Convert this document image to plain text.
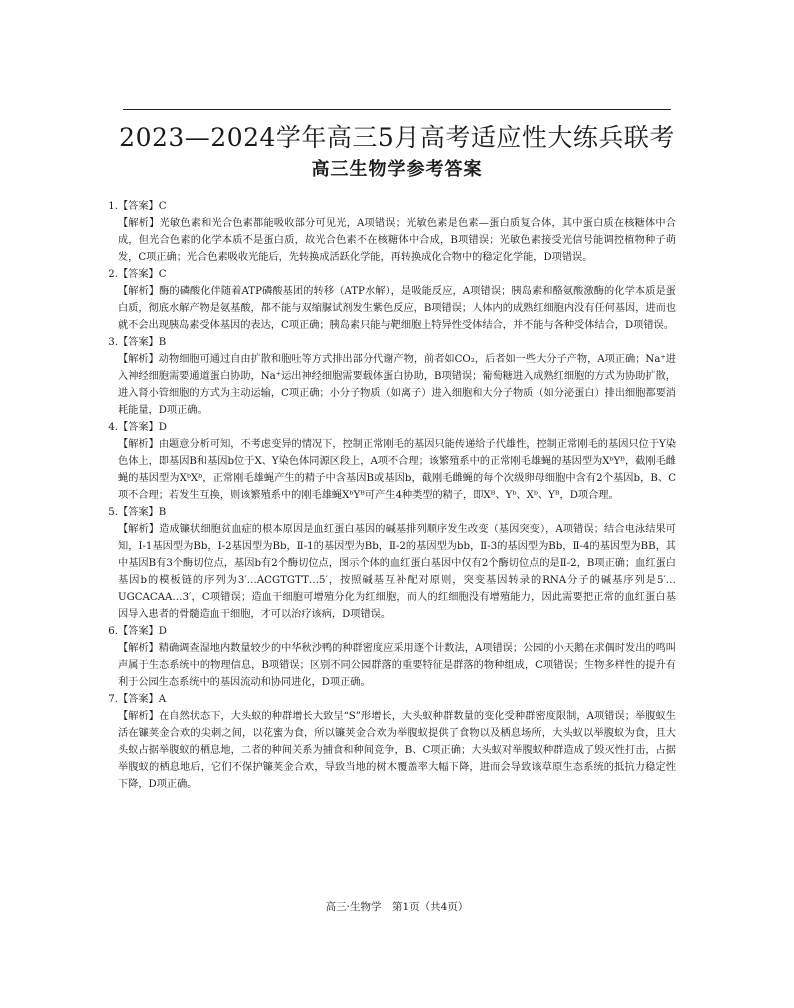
2023—2024学年高三5月高考适应性大练兵联考
高三生物学参考答案
1. 【答案】C
【解析】光敏色素和光合色素都能吸收部分可见光，A项错误；光敏色素是色素—蛋白质复合体，其中蛋白质在核糖体中合成，但光合色素的化学本质不是蛋白质，故光合色素不在核糖体中合成，B项错误；光敏色素接受光信号能调控植物种子萌发，C项正确；光合色素吸收光能后，先转换成活跃化学能，再转换成化合物中的稳定化学能，D项错误。
2. 【答案】C
【解析】酶的磷酸化伴随着ATP磷酸基团的转移（ATP水解），是吸能反应，A项错误；胰岛素和酪氨酸激酶的化学本质是蛋白质，彻底水解产物是氨基酸，都不能与双缩脲试剂发生紫色反应，B项错误；人体内的成熟红细胞内没有任何基因，进而也就不会出现胰岛素受体基因的表达，C项正确；胰岛素只能与靶细胞上特异性受体结合，并不能与各种受体结合，D项错误。
3. 【答案】B
【解析】动物细胞可通过自由扩散和胞吐等方式排出部分代谢产物，前者如CO₂，后者如一些大分子产物，A项正确；Na⁺进入神经细胞需要通道蛋白协助，Na⁺运出神经细胞需要载体蛋白协助，B项错误；葡萄糖进入成熟红细胞的方式为协助扩散，进入肾小管细胞的方式为主动运输，C项正确；小分子物质（如离子）进入细胞和大分子物质（如分泌蛋白）排出细胞都要消耗能量，D项正确。
4. 【答案】D
【解析】由题意分析可知，不考虑变异的情况下，控制正常刚毛的基因只能传递给子代雄性，控制正常刚毛的基因只位于Y染色体上，即基因B和基因b位于X、Y染色体同源区段上，A项不合理；该繁殖系中的正常刚毛雄蝇的基因型为XᵇYᴮ，截刚毛雌蝇的基因型为XᵇXᵇ，正常刚毛雄蝇产生的精子中含基因B或基因b，截刚毛雌蝇的每个次级卵母细胞中含有2个基因b，B、C项不合理；若发生互换，则该繁殖系中的刚毛雄蝇XᵇYᴮ可产生4种类型的精子，即Xᴮ、Yᵇ、Xᵇ、Yᴮ，D项合理。
5. 【答案】B
【解析】造成镰状细胞贫血症的根本原因是血红蛋白基因的碱基排列顺序发生改变（基因突变），A项错误；结合电泳结果可知，Ⅰ-1基因型为Bb，Ⅰ-2基因型为Bb，Ⅱ-1的基因型为Bb，Ⅱ-2的基因型为bb，Ⅱ-3的基因型为Bb，Ⅱ-4的基因型为BB，其中基因B有3个酶切位点，基因b有2个酶切位点，图示个体的血红蛋白基因中仅有2个酶切位点的是Ⅱ-2，B项正确；血红蛋白基因b的模板链的序列为3′…ACGTGTT…5′，按照碱基互补配对原则，突变基因转录的RNA分子的碱基序列是5′…UGCACAA…3′，C项错误；造血干细胞可增殖分化为红细胞，而人的红细胞没有增殖能力，因此需要把正常的血红蛋白基因导入患者的骨髓造血干细胞，才可以治疗该病，D项错误。
6. 【答案】D
【解析】精确调查湿地内数量较少的中华秋沙鸭的种群密度应采用逐个计数法，A项错误；公园的小天鹅在求偶时发出的鸣叫声属于生态系统中的物理信息，B项错误；区别不同公园群落的重要特征是群落的物种组成，C项错误；生物多样性的提升有利于公园生态系统中的基因流动和协同进化，D项正确。
7. 【答案】A
【解析】在自然状态下，大头蚁的种群增长大致呈“S”形增长，大头蚁种群数量的变化受种群密度限制，A项错误；举腹蚁生活在镰荚金合欢的尖刺之间，以花蜜为食，所以镰荚金合欢为举腹蚁提供了食物以及栖息场所，大头蚁以举腹蚁为食，且大头蚁占据举腹蚁的栖息地，二者的种间关系为捕食和种间竞争，B、C项正确；大头蚁对举腹蚁种群造成了毁灭性打击，占据举腹蚁的栖息地后，它们不保护镰荚金合欢，导致当地的树木覆盖率大幅下降，进而会导致该草原生态系统的抵抗力稳定性下降，D项正确。
高三·生物学　第1页（共4页）
